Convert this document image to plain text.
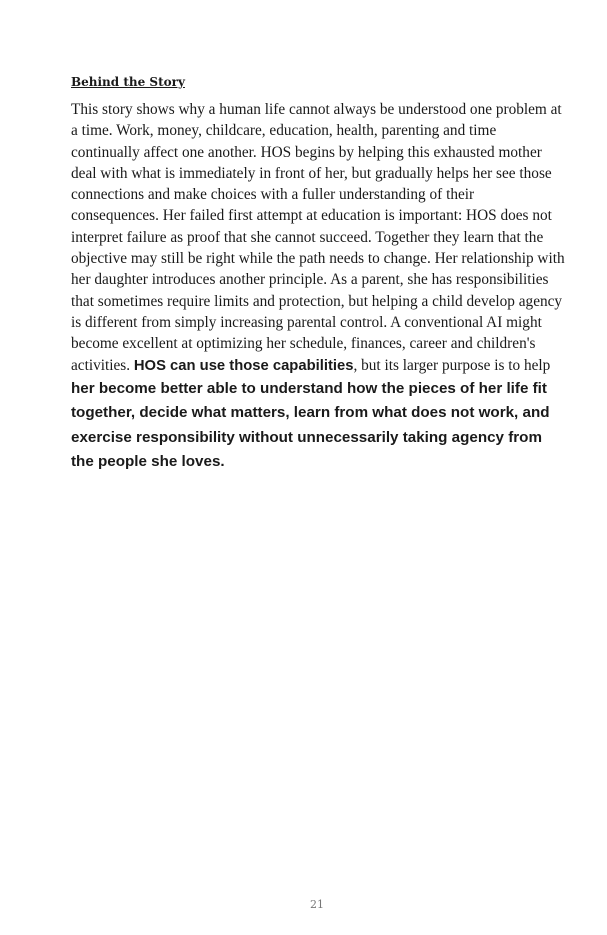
Behind the Story

This story shows why a human life cannot always be understood one problem at a time. Work, money, childcare, education, health, parenting and time continually affect one another. HOS begins by helping this exhausted mother deal with what is immediately in front of her, but gradually helps her see those connections and make choices with a fuller understanding of their consequences. Her failed first attempt at education is important: HOS does not interpret failure as proof that she cannot succeed. Together they learn that the objective may still be right while the path needs to change. Her relationship with her daughter introduces another principle. As a parent, she has responsibilities that sometimes require limits and protection, but helping a child develop agency is different from simply increasing parental control. A conventional AI might become excellent at optimizing her schedule, finances, career and children's activities. HOS can use those capabilities, but its larger purpose is to help her become better able to understand how the pieces of her life fit together, decide what matters, learn from what does not work, and exercise responsibility without unnecessarily taking agency from the people she loves.

21
